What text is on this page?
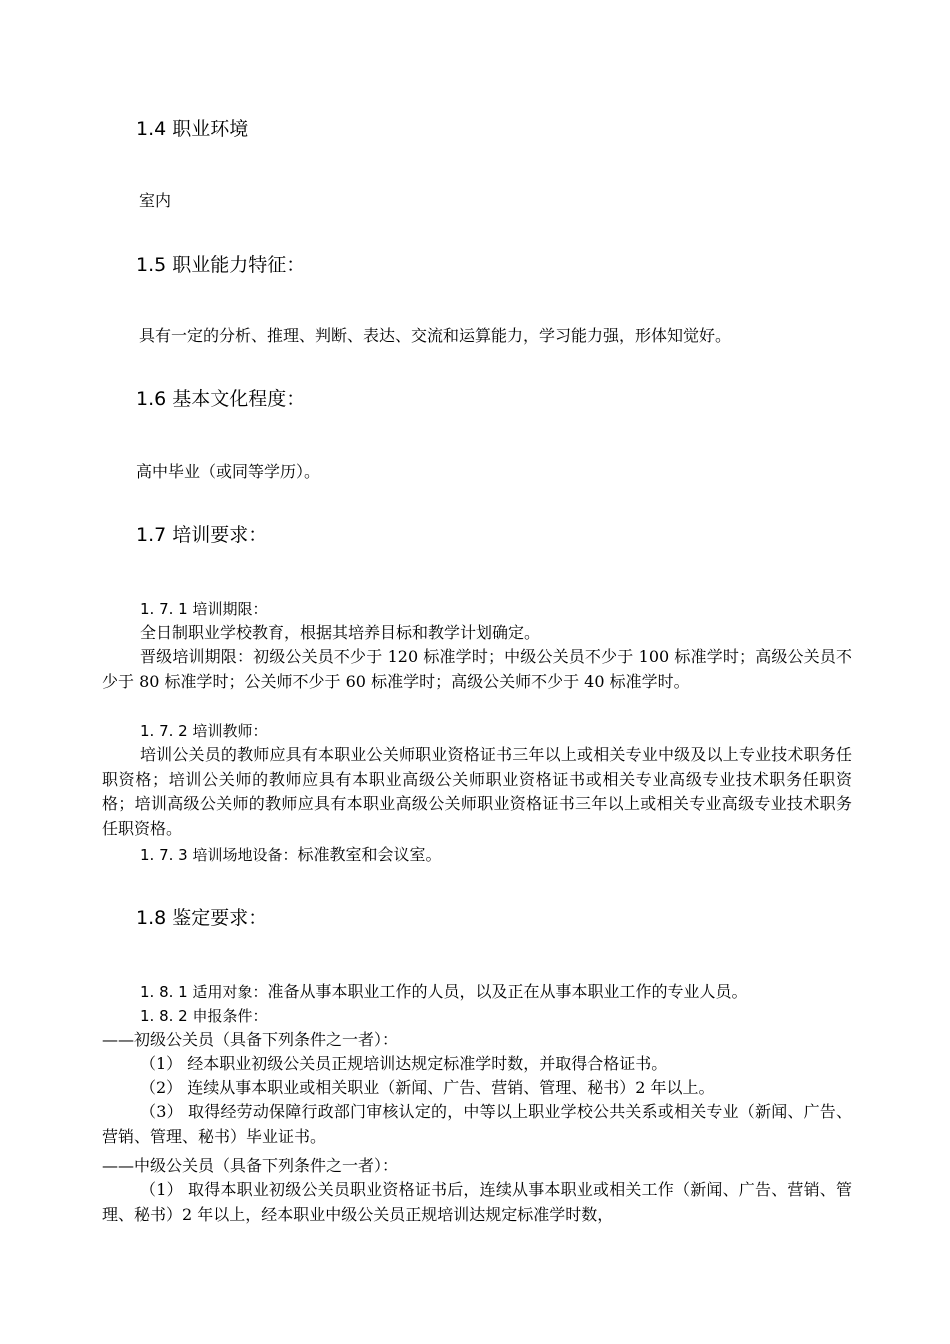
1.4 职业环境

室内

1.5 职业能力特征：

具有一定的分析、推理、判断、表达、交流和运算能力，学习能力强，形体知觉好。

1.6 基本文化程度：

高中毕业（或同等学历）。

1.7 培训要求：

1. 7. 1 培训期限：

全日制职业学校教育，根据其培养目标和教学计划确定。

晋级培训期限：初级公关员不少于 120 标准学时；中级公关员不少于 100 标准学时；高级公关员不少于 80 标准学时；公关师不少于 60 标准学时；高级公关师不少于 40 标准学时。

1. 7. 2 培训教师：

培训公关员的教师应具有本职业公关师职业资格证书三年以上或相关专业中级及以上专业技术职务任职资格；培训公关师的教师应具有本职业高级公关师职业资格证书或相关专业高级专业技术职务任职资格；培训高级公关师的教师应具有本职业高级公关师职业资格证书三年以上或相关专业高级专业技术职务任职资格。

1. 7. 3 培训场地设备：标准教室和会议室。

1.8 鉴定要求：

1. 8. 1 适用对象：准备从事本职业工作的人员，以及正在从事本职业工作的专业人员。

1. 8. 2 申报条件：

——初级公关员（具备下列条件之一者）：

（1） 经本职业初级公关员正规培训达规定标准学时数，并取得合格证书。

（2） 连续从事本职业或相关职业（新闻、广告、营销、管理、秘书）2 年以上。

（3） 取得经劳动保障行政部门审核认定的，中等以上职业学校公共关系或相关专业（新闻、广告、营销、管理、秘书）毕业证书。

——中级公关员（具备下列条件之一者）：

（1） 取得本职业初级公关员职业资格证书后，连续从事本职业或相关工作（新闻、广告、营销、管理、秘书）2 年以上，经本职业中级公关员正规培训达规定标准学时数，
